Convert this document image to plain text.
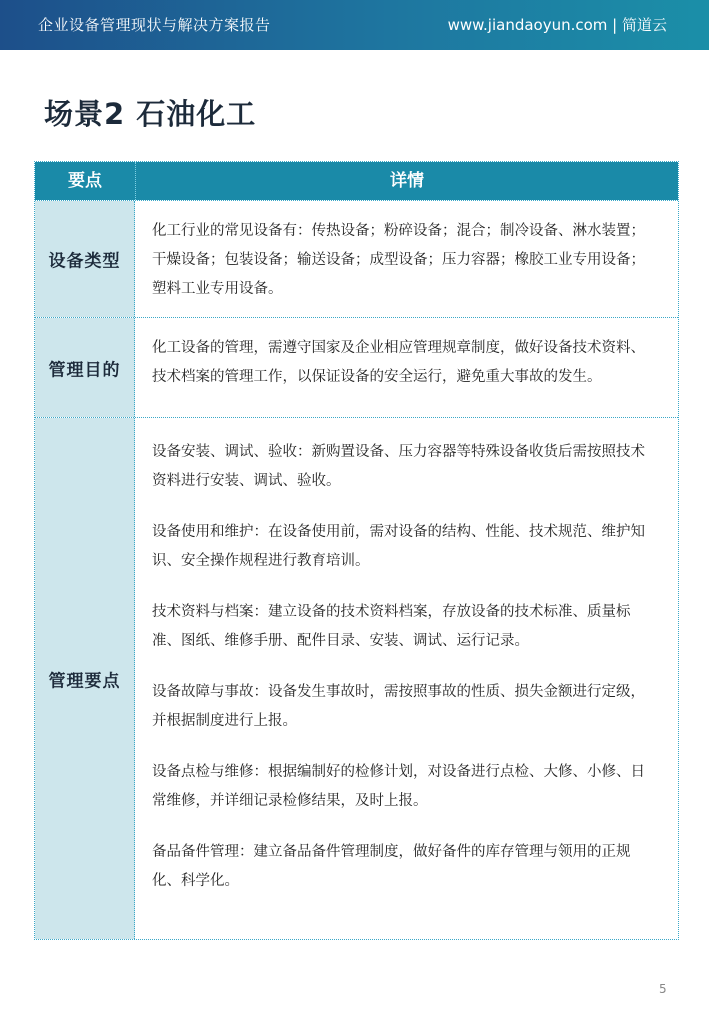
企业设备管理现状与解决方案报告	www.jiandaoyun.com | 简道云
场景2 石油化工
要点	详情
设备类型

化工行业的常见设备有：传热设备；粉碎设备；混合；制冷设备、淋水装置；干燥设备；包装设备；输送设备；成型设备；压力容器；橡胶工业专用设备；塑料工业专用设备。

管理目的

化工设备的管理，需遵守国家及企业相应管理规章制度，做好设备技术资料、技术档案的管理工作，以保证设备的安全运行，避免重大事故的发生。

管理要点

设备安装、调试、验收：新购置设备、压力容器等特殊设备收货后需按照技术资料进行安装、调试、验收。

设备使用和维护：在设备使用前，需对设备的结构、性能、技术规范、维护知识、安全操作规程进行教育培训。

技术资料与档案：建立设备的技术资料档案，存放设备的技术标准、质量标准、图纸、维修手册、配件目录、安装、调试、运行记录。

设备故障与事故：设备发生事故时，需按照事故的性质、损失金额进行定级，并根据制度进行上报。

设备点检与维修：根据编制好的检修计划，对设备进行点检、大修、小修、日常维修，并详细记录检修结果，及时上报。

备品备件管理：建立备品备件管理制度，做好备件的库存管理与领用的正规化、科学化。

5
